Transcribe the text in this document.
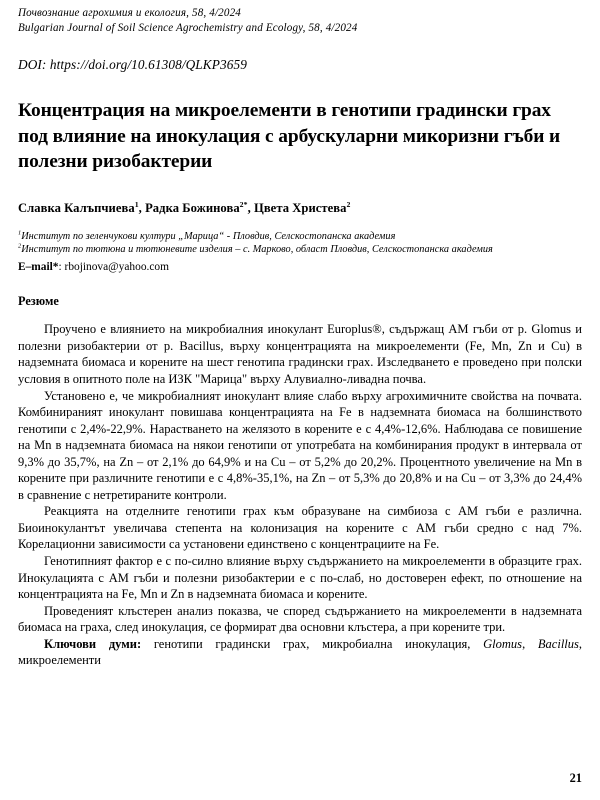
Почвознание агрохимия и екология, 58, 4/2024
Bulgarian Journal of Soil Science Agrochemistry and Ecology, 58, 4/2024
DOI: https://doi.org/10.61308/QLKP3659
Концентрация на микроелементи в генотипи градински грах под влияние на инокулация с арбускуларни микоризни гъби и полезни ризобактерии
Славка Калъпчиева$^1$, Радка Божинова$^{2*}$, Цвета Христева$^2$
$^1$Институт по зеленчукови култури „Марица“ - Пловдив, Селскостопанска академия
$^2$Институт по тютюна и тютюневите изделия – с. Марково, област Пловдив, Селскостопанска академия
E–mail*: rbojinova@yahoo.com
Резюме

Проучено е влиянието на микробиалния инокулант Europlus®, съдържащ АМ гъби от р. Glomus и полезни ризобактерии от р. Bacillus, върху концентрацията на микроелементи (Fe, Mn, Zn и Cu) в надземната биомаса и корените на шест генотипа градински грах. Изследването е проведено при полски условия в опитното поле на ИЗК "Марица" върху Алувиално-ливадна почва.

Установено е, че микробиалният инокулант влияе слабо върху агрохимичните свойства на почвата. Комбинираният инокулант повишава концентрацията на Fe в надземната биомаса на болшинството генотипи с 2,4%-22,9%. Нарастването на желязото в корените е с 4,4%-12,6%. Наблюдава се повишение на Mn в надземната биомаса на някои генотипи от употребата на комбинирания продукт в интервала от 9,3% до 35,7%, на Zn – от 2,1% до 64,9% и на Cu – от 5,2% до 20,2%. Процентното увеличение на Mn в корените при различните генотипи е с 4,8%-35,1%, на Zn – от 5,3% до 20,8% и на Cu – от 3,3% до 24,4% в сравнение с нетретираните контроли.

Реакцията на отделните генотипи грах към образуване на симбиоза с АМ гъби е различна. Биоинокулантът увеличава степента на колонизация на корените с АМ гъби средно с над 7%. Корелационни зависимости са установени единствено с концентрациите на Fe.

Генотипният фактор е с по-силно влияние върху съдържанието на микроелементи в образците грах. Инокулацията с АМ гъби и полезни ризобактерии е с по-слаб, но достоверен ефект, по отношение на концентрацията на Fe, Mn и Zn в надземната биомаса и корените.

Проведеният клъстерен анализ показва, че според съдържанието на микроелементи в надземната биомаса на граха, след инокулация, се формират два основни клъстера, а при корените три.

Ключови думи: генотипи градински грах, микробиална инокулация, Glomus, Bacillus, микроелементи
21
